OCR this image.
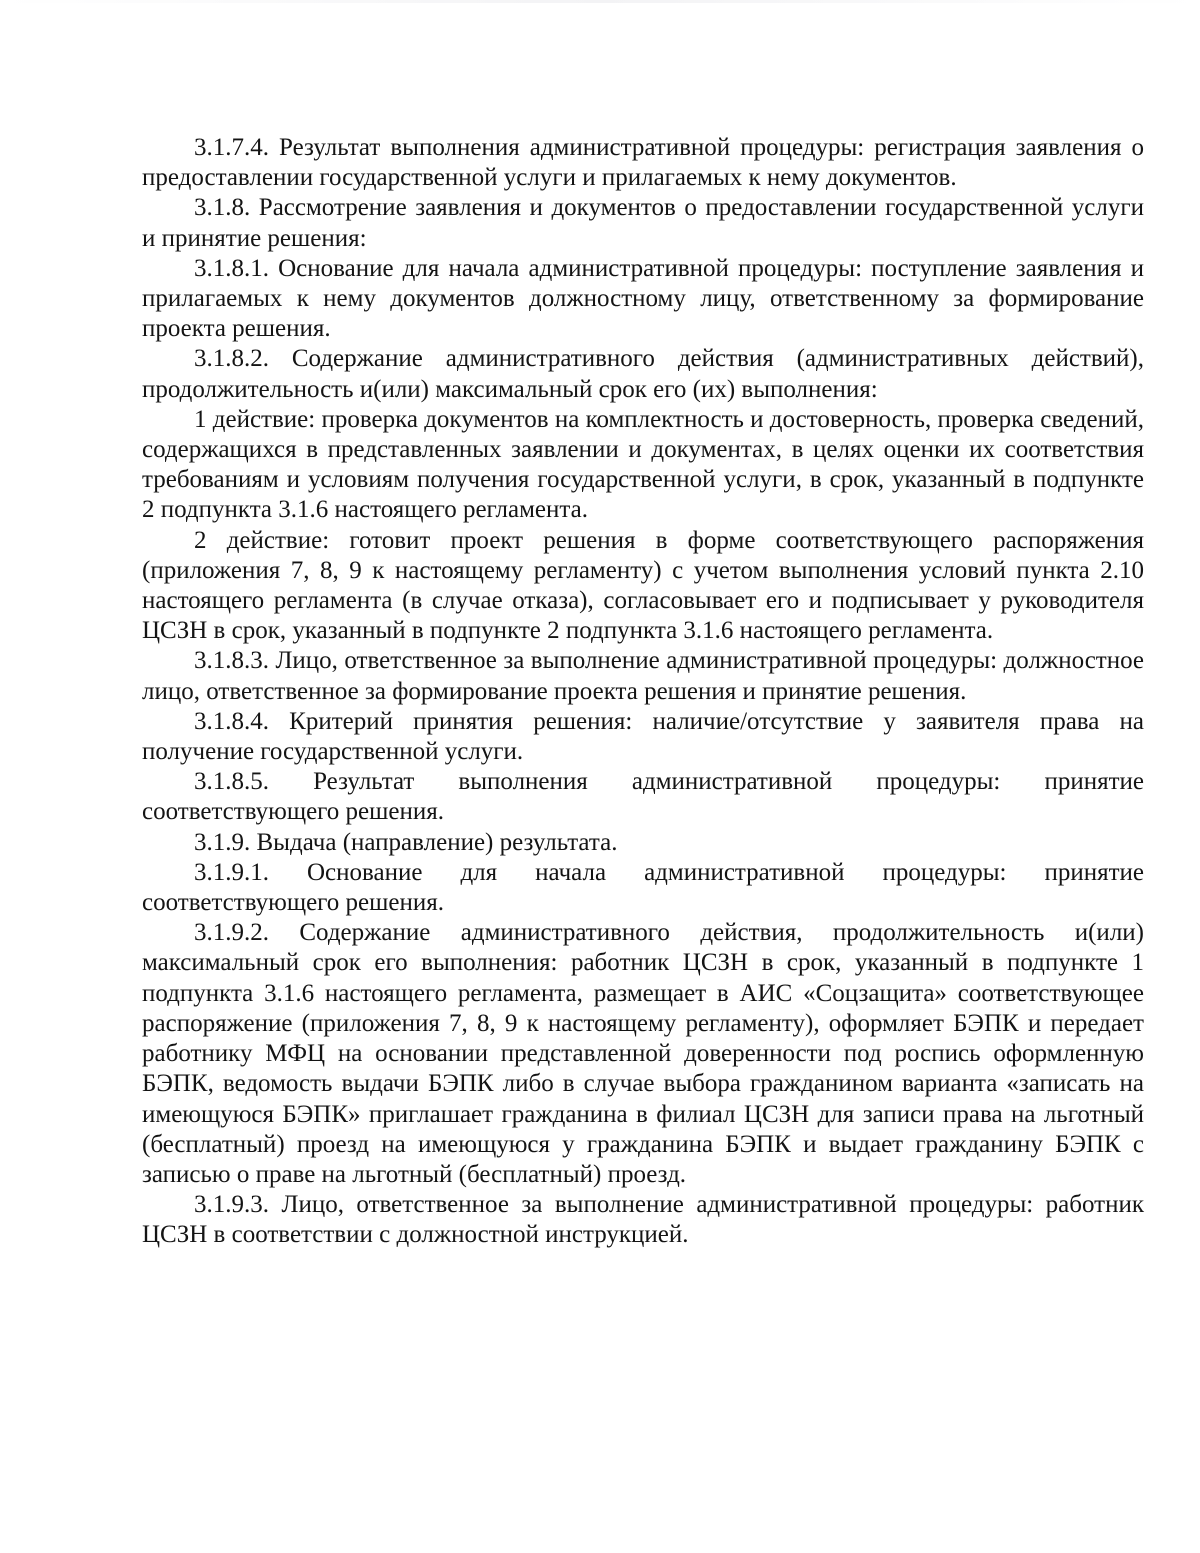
3.1.7.4. Результат выполнения административной процедуры: регистрация заявления о предоставлении государственной услуги и прилагаемых к нему документов.

3.1.8. Рассмотрение заявления и документов о предоставлении государственной услуги и принятие решения:

3.1.8.1. Основание для начала административной процедуры: поступление заявления и прилагаемых к нему документов должностному лицу, ответственному за формирование проекта решения.

3.1.8.2. Содержание административного действия (административных действий), продолжительность и(или) максимальный срок его (их) выполнения:

1 действие: проверка документов на комплектность и достоверность, проверка сведений, содержащихся в представленных заявлении и документах, в целях оценки их соответствия требованиям и условиям получения государственной услуги, в срок, указанный в подпункте 2 подпункта 3.1.6 настоящего регламента.

2 действие: готовит проект решения в форме соответствующего распоряжения (приложения 7, 8, 9 к настоящему регламенту) с учетом выполнения условий пункта 2.10 настоящего регламента (в случае отказа), согласовывает его и подписывает у руководителя ЦСЗН в срок, указанный в подпункте 2 подпункта 3.1.6 настоящего регламента.

3.1.8.3. Лицо, ответственное за выполнение административной процедуры: должностное лицо, ответственное за формирование проекта решения и принятие решения.

3.1.8.4. Критерий принятия решения: наличие/отсутствие у заявителя права на получение государственной услуги.

3.1.8.5. Результат выполнения административной процедуры: принятие соответствующего решения.

3.1.9. Выдача (направление) результата.

3.1.9.1. Основание для начала административной процедуры: принятие соответствующего решения.

3.1.9.2. Содержание административного действия, продолжительность и(или) максимальный срок его выполнения: работник ЦСЗН в срок, указанный в подпункте 1 подпункта 3.1.6 настоящего регламента, размещает в АИС «Соцзащита» соответствующее распоряжение (приложения 7, 8, 9 к настоящему регламенту), оформляет БЭПК и передает работнику МФЦ на основании представленной доверенности под роспись оформленную БЭПК, ведомость выдачи БЭПК либо в случае выбора гражданином варианта «записать на имеющуюся БЭПК» приглашает гражданина в филиал ЦСЗН для записи права на льготный (бесплатный) проезд на имеющуюся у гражданина БЭПК и выдает гражданину БЭПК с записью о праве на льготный (бесплатный) проезд.

3.1.9.3. Лицо, ответственное за выполнение административной процедуры: работник ЦСЗН в соответствии с должностной инструкцией.
